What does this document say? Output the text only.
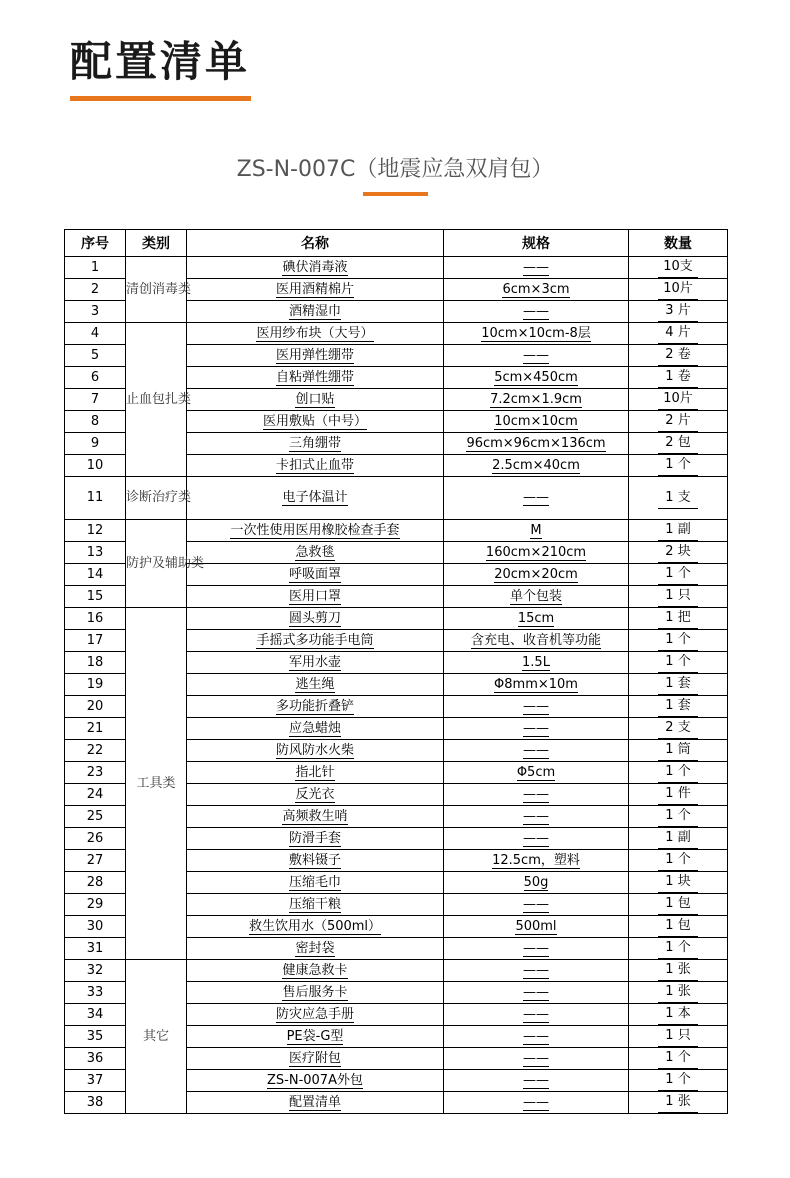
配置清单
ZS-N-007C（地震应急双肩包）
序号	类别	名称	规格	数量
1	清创消毒类	碘伏消毒液	——	10支
2		医用酒精棉片	6cm×3cm	10片
3		酒精湿巾	——	3 片
4	止血包扎类	医用纱布块（大号）	10cm×10cm-8层	4 片
5		医用弹性绷带	——	2 卷
6		自粘弹性绷带	5cm×450cm	1 卷
7		创口贴	7.2cm×1.9cm	10片
8		医用敷贴（中号）	10cm×10cm	2 片
9		三角绷带	96cm×96cm×136cm	2 包
10		卡扣式止血带	2.5cm×40cm	1 个
11	诊断治疗类	电子体温计	——	1 支
12	防护及辅助类	一次性使用医用橡胶检查手套	M	1 副
13		急救毯	160cm×210cm	2 块
14		呼吸面罩	20cm×20cm	1 个
15		医用口罩	单个包装	1 只
16	工具类	圆头剪刀	15cm	1 把
17		手摇式多功能手电筒	含充电、收音机等功能	1 个
18		军用水壶	1.5L	1 个
19		逃生绳	Φ8mm×10m	1 套
20		多功能折叠铲	——	1 套
21		应急蜡烛	——	2 支
22		防风防水火柴	——	1 筒
23		指北针	Φ5cm	1 个
24		反光衣	——	1 件
25		高频救生哨	——	1 个
26		防滑手套	——	1 副
27		敷料镊子	12.5cm，塑料	1 个
28		压缩毛巾	50g	1 块
29		压缩干粮	——	1 包
30		救生饮用水（500ml）	500ml	1 包
31		密封袋	——	1 个
32	其它	健康急救卡	——	1 张
33		售后服务卡	——	1 张
34		防灾应急手册	——	1 本
35		PE袋-G型	——	1 只
36		医疗附包	——	1 个
37		ZS-N-007A外包	——	1 个
38		配置清单	——	1 张
